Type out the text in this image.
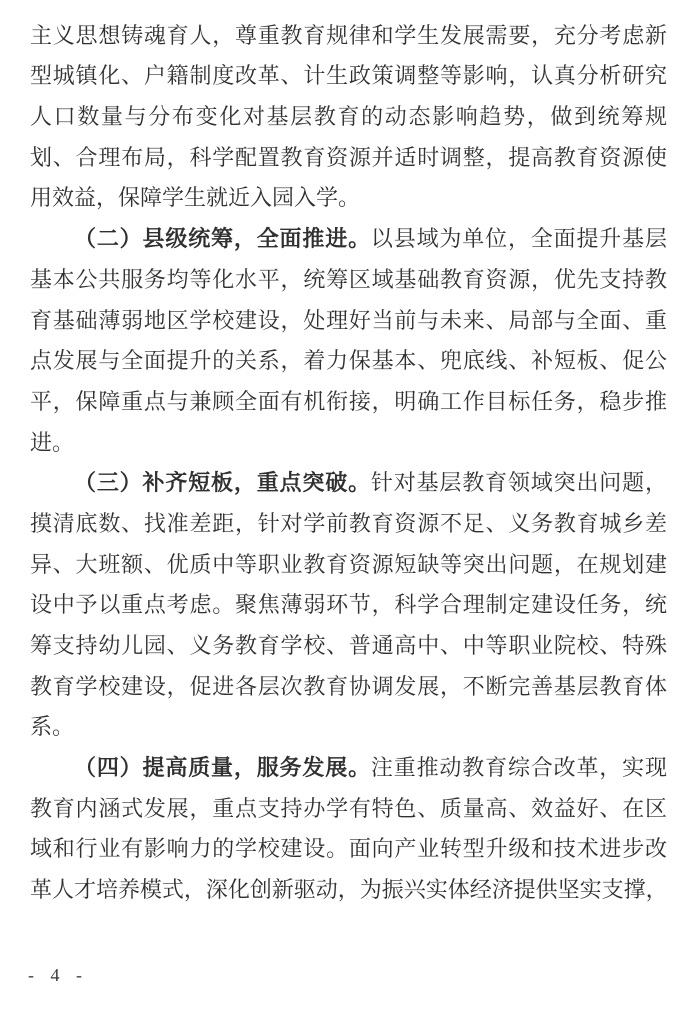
主义思想铸魂育人，尊重教育规律和学生发展需要，充分考虑新
型城镇化、户籍制度改革、计生政策调整等影响，认真分析研究
人口数量与分布变化对基层教育的动态影响趋势，做到统筹规
划、合理布局，科学配置教育资源并适时调整，提高教育资源使
用效益，保障学生就近入园入学。
（二）县级统筹，全面推进。以县域为单位，全面提升基层
基本公共服务均等化水平，统筹区域基础教育资源，优先支持教
育基础薄弱地区学校建设，处理好当前与未来、局部与全面、重
点发展与全面提升的关系，着力保基本、兜底线、补短板、促公
平，保障重点与兼顾全面有机衔接，明确工作目标任务，稳步推
进。
（三）补齐短板，重点突破。针对基层教育领域突出问题，
摸清底数、找准差距，针对学前教育资源不足、义务教育城乡差
异、大班额、优质中等职业教育资源短缺等突出问题，在规划建
设中予以重点考虑。聚焦薄弱环节，科学合理制定建设任务，统
筹支持幼儿园、义务教育学校、普通高中、中等职业院校、特殊
教育学校建设，促进各层次教育协调发展，不断完善基层教育体
系。
（四）提高质量，服务发展。注重推动教育综合改革，实现
教育内涵式发展，重点支持办学有特色、质量高、效益好、在区
域和行业有影响力的学校建设。面向产业转型升级和技术进步改
革人才培养模式，深化创新驱动，为振兴实体经济提供坚实支撑，
- 4 -
